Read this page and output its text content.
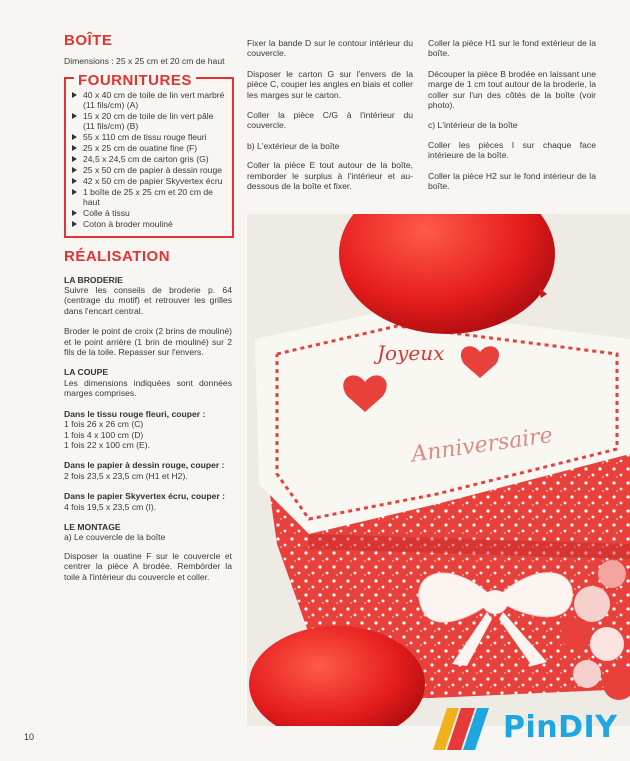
BOÎTE

Dimensions : 25 x 25 cm et 20 cm de haut

FOURNITURES
40 x 40 cm de toile de lin vert marbré (11 fils/cm) (A)
15 x 20 cm de toile de lin vert pâle (11 fils/cm) (B)
55 x 110 cm de tissu rouge fleuri
25 x 25 cm de ouatine fine (F)
24,5 x 24,5 cm de carton gris (G)
25 x 50 cm de papier à dessin rouge
42 x 50 cm de papier Skyvertex écru
1 boîte de 25 x 25 cm et 20 cm de haut
Colle à tissu
Coton à broder mouliné
RÉALISATION
LA BRODERIE

Suivre les conseils de broderie p. 64 (centrage du motif) et retrouver les grilles dans l'encart central.

Broder le point de croix (2 brins de mouliné) et le point arrière (1 brin de mouliné) sur 2 fils de la toile. Repasser sur l'envers.

LA COUPE

Les dimensions indiquées sont données marges comprises.

Dans le tissu rouge fleuri, couper :
1 fois 26 x 26 cm (C)
1 fois 4 x 100 cm (D)

1 fois 22 x 100 cm (E).

Dans le papier à dessin rouge, couper :

2 fois 23,5 x 23,5 cm (H1 et H2).

Dans le papier Skyvertex écru, couper :

4 fois 19,5 x 23,5 cm (I).

LE MONTAGE
a) Le couvercle de la boîte

Disposer la ouatine F sur le couvercle et centrer la pièce A brodée. Rembórder la toile à l'intérieur du couvercle et coller.

Fixer la bande D sur le contour intérieur du couvercle.

Disposer le carton G sur l'envers de la pièce C, couper les angles en biais et coller les marges sur le carton.

Coller la pièce C/G à l'intérieur du couvercle.

b) L'extérieur de la boîte

Coller la pièce E tout autour de la boîte, remborder le surplus à l'intérieur et au-dessous de la boîte et fixer.

Coller la pièce H1 sur le fond extérieur de la boîte.

Découper la pièce B brodée en laissant une marge de 1 cm tout autour de la broderie, la coller sur l'un des côtés de la boîte (voir photo).

c) L'intérieur de la boîte

Coller les pièces I sur chaque face intérieure de la boîte.

Coller la pièce H2 sur le fond intérieur de la boîte.

Joyeux
Anniversaire
10	PinDIY
